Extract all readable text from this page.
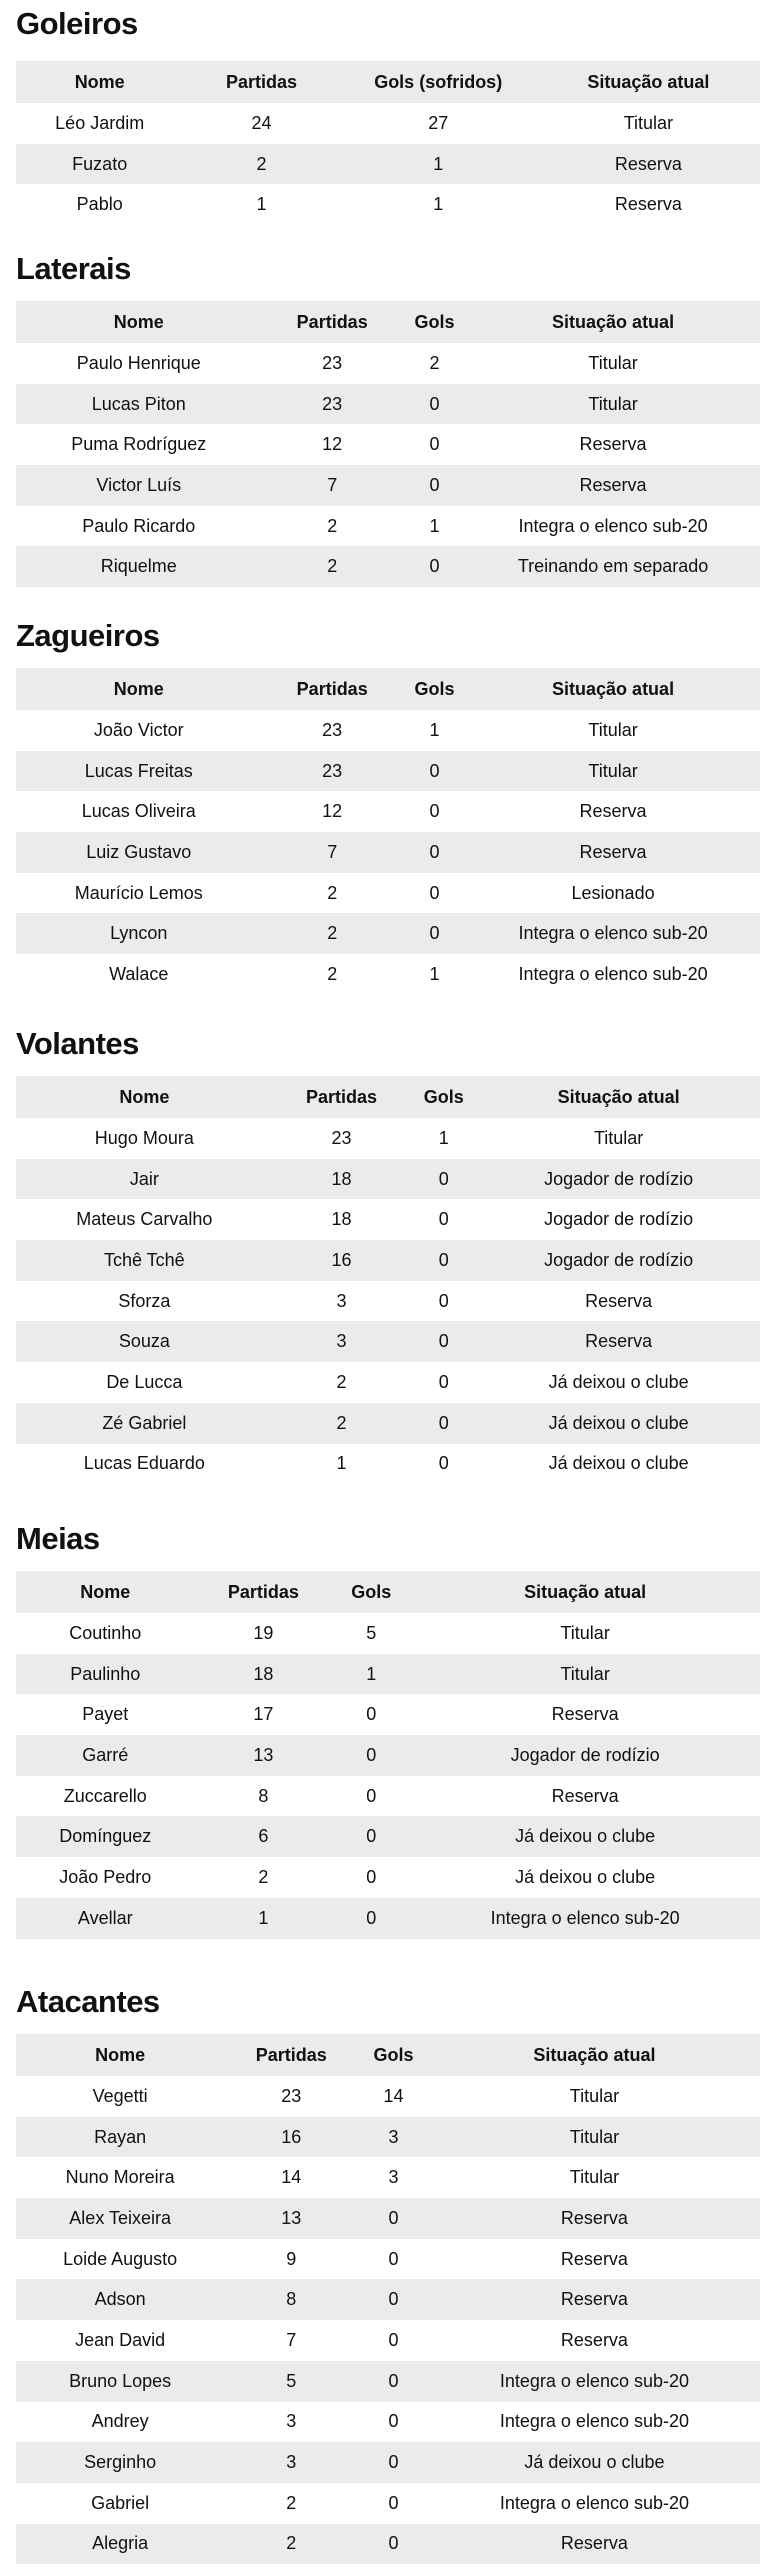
Goleiros
Nome	Partidas	Gols (sofridos)	Situação atual
Léo Jardim	24	27	Titular
Fuzato	2	1	Reserva
Pablo	1	1	Reserva
Laterais
Nome	Partidas	Gols	Situação atual
Paulo Henrique	23	2	Titular
Lucas Piton	23	0	Titular
Puma Rodríguez	12	0	Reserva
Victor Luís	7	0	Reserva
Paulo Ricardo	2	1	Integra o elenco sub-20
Riquelme	2	0	Treinando em separado
Zagueiros
Nome	Partidas	Gols	Situação atual
João Victor	23	1	Titular
Lucas Freitas	23	0	Titular
Lucas Oliveira	12	0	Reserva
Luiz Gustavo	7	0	Reserva
Maurício Lemos	2	0	Lesionado
Lyncon	2	0	Integra o elenco sub-20
Walace	2	1	Integra o elenco sub-20
Volantes
Nome	Partidas	Gols	Situação atual
Hugo Moura	23	1	Titular
Jair	18	0	Jogador de rodízio
Mateus Carvalho	18	0	Jogador de rodízio
Tchê Tchê	16	0	Jogador de rodízio
Sforza	3	0	Reserva
Souza	3	0	Reserva
De Lucca	2	0	Já deixou o clube
Zé Gabriel	2	0	Já deixou o clube
Lucas Eduardo	1	0	Já deixou o clube
Meias
Nome	Partidas	Gols	Situação atual
Coutinho	19	5	Titular
Paulinho	18	1	Titular
Payet	17	0	Reserva
Garré	13	0	Jogador de rodízio
Zuccarello	8	0	Reserva
Domínguez	6	0	Já deixou o clube
João Pedro	2	0	Já deixou o clube
Avellar	1	0	Integra o elenco sub-20
Atacantes
Nome	Partidas	Gols	Situação atual
Vegetti	23	14	Titular
Rayan	16	3	Titular
Nuno Moreira	14	3	Titular
Alex Teixeira	13	0	Reserva
Loide Augusto	9	0	Reserva
Adson	8	0	Reserva
Jean David	7	0	Reserva
Bruno Lopes	5	0	Integra o elenco sub-20
Andrey	3	0	Integra o elenco sub-20
Serginho	3	0	Já deixou o clube
Gabriel	2	0	Integra o elenco sub-20
Alegria	2	0	Reserva
